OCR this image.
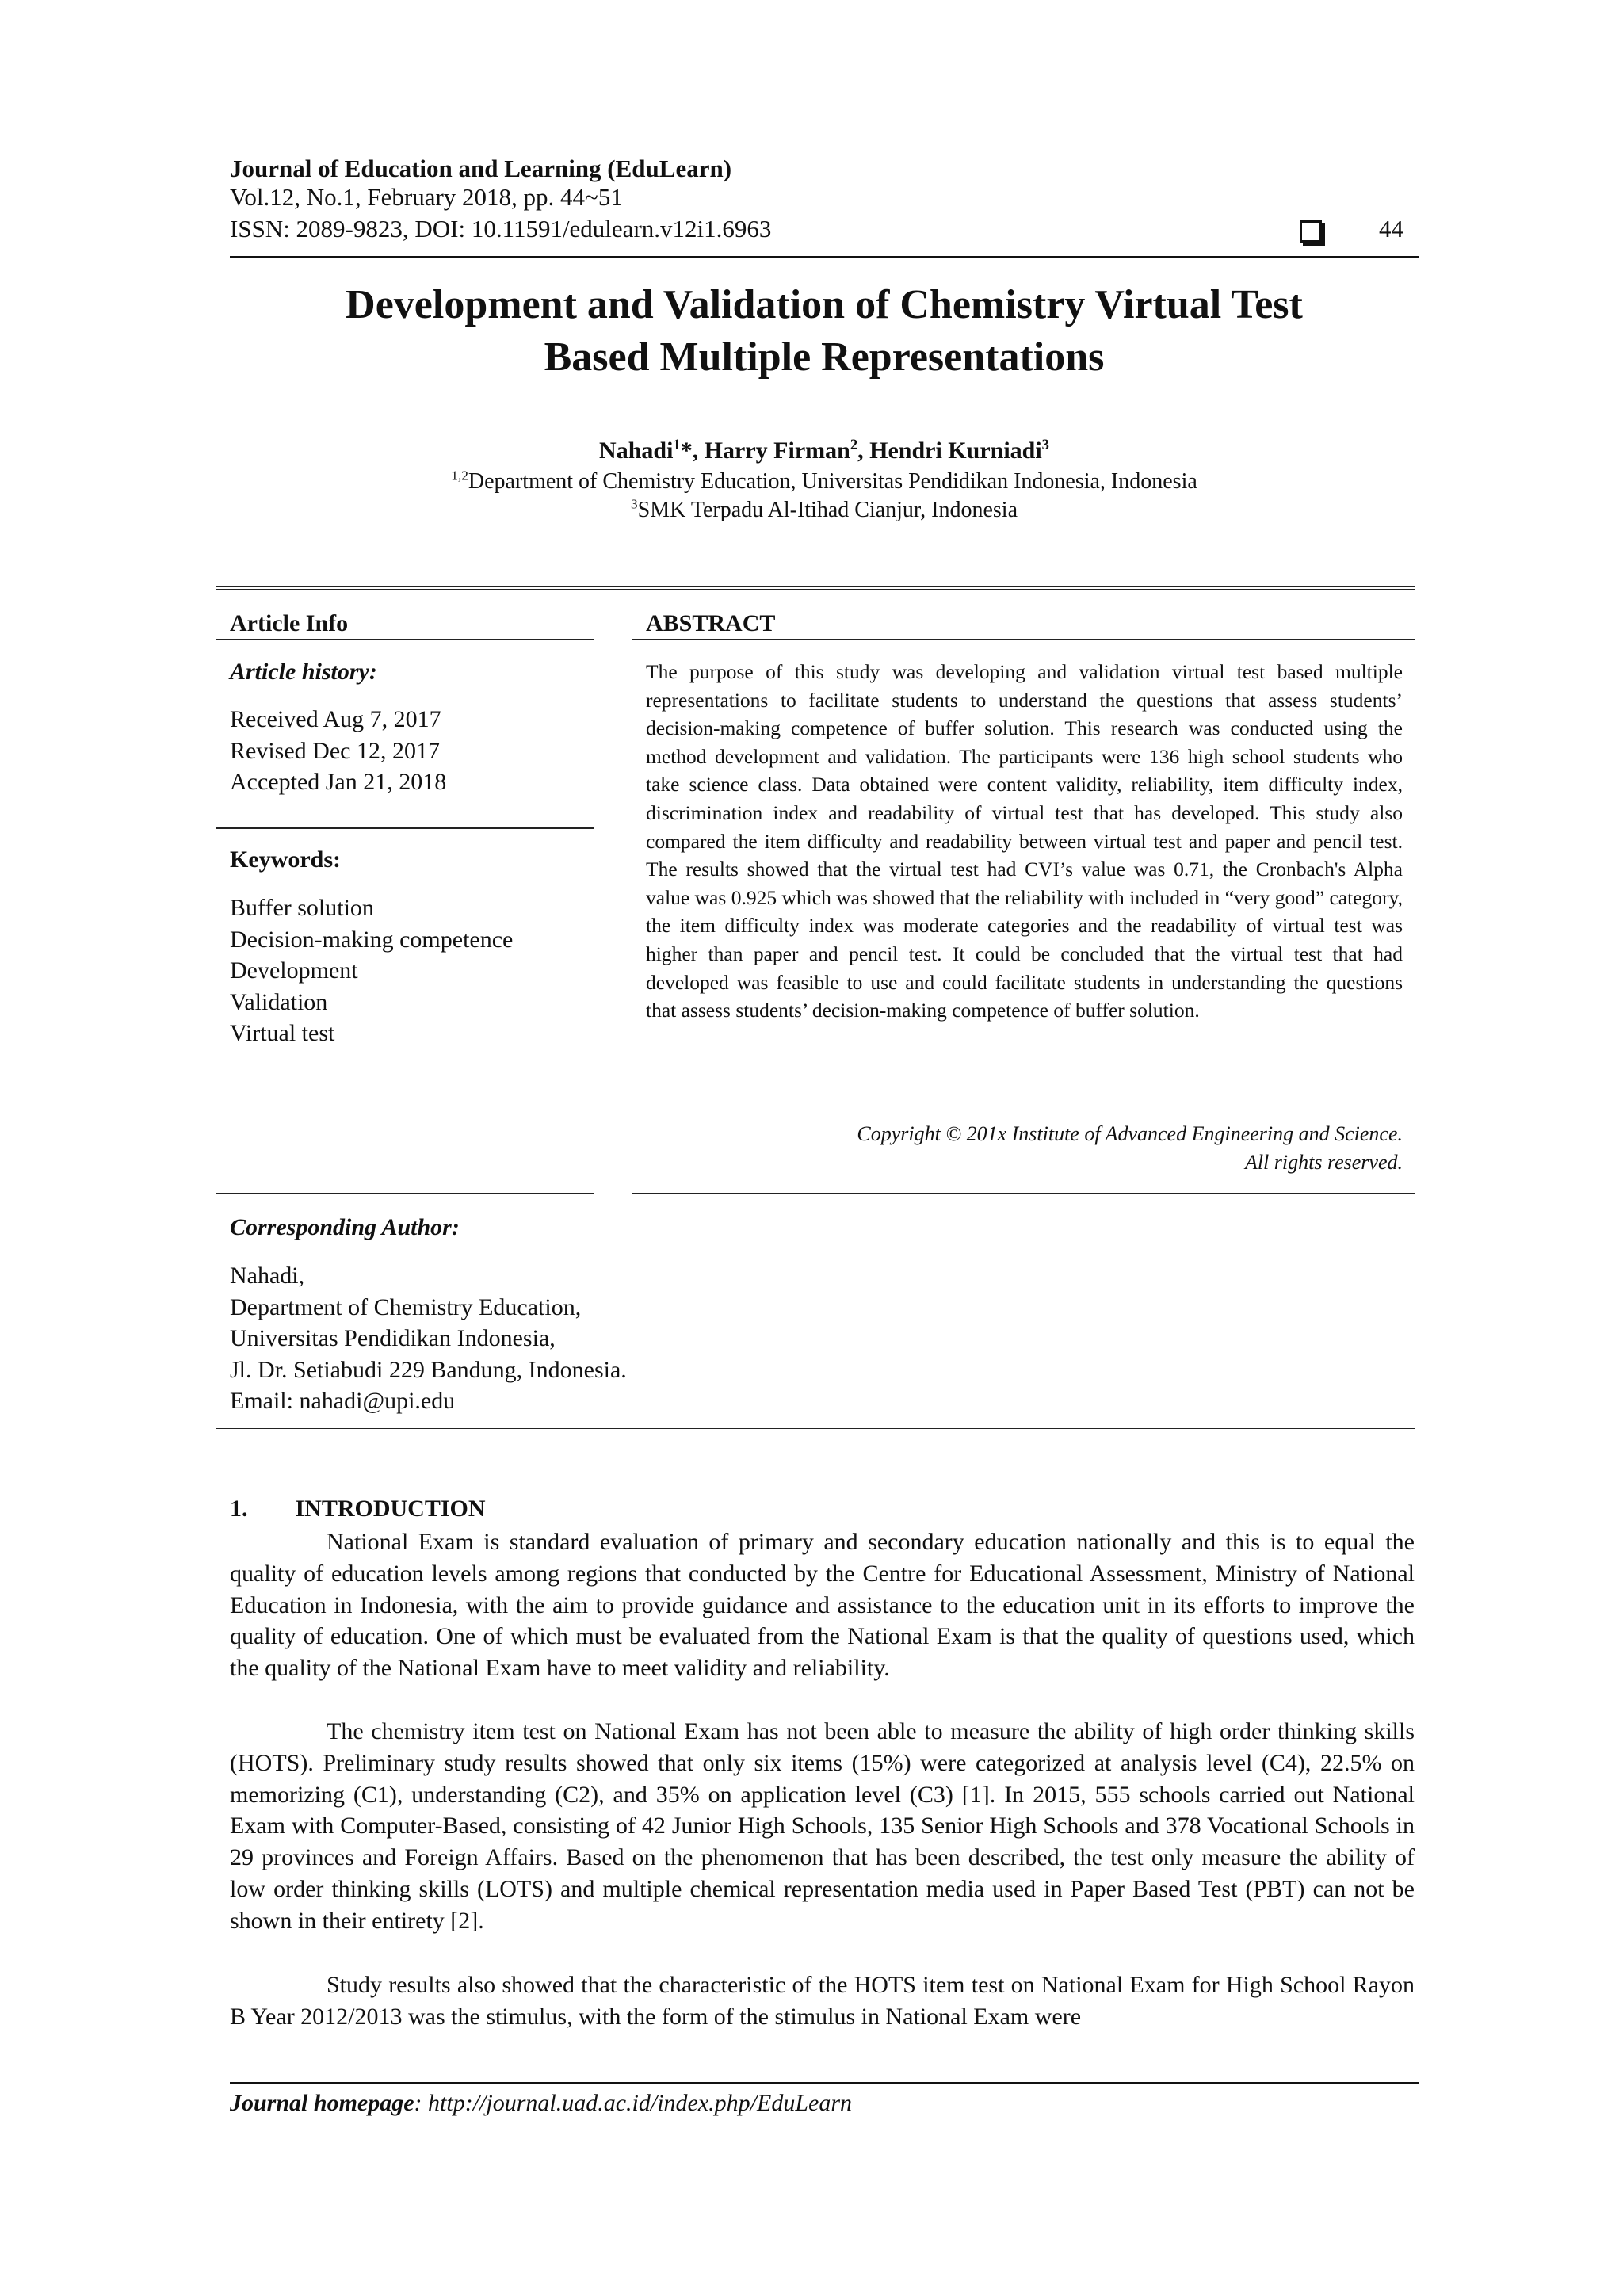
Journal of Education and Learning (EduLearn)
Vol.12, No.1, February 2018, pp. 44~51
ISSN: 2089-9823, DOI: 10.11591/edulearn.v12i1.6963	44
Development and Validation of Chemistry Virtual Test
Based Multiple Representations
Nahadi$^1$*, Harry Firman$^2$, Hendri Kurniadi$^3$
$^{1,2}$Department of Chemistry Education, Universitas Pendidikan Indonesia, Indonesia
$^3$SMK Terpadu Al-Itihad Cianjur, Indonesia
Article Info
Article history:
Received Aug 7, 2017
Revised Dec 12, 2017
Accepted Jan 21, 2018
Keywords:
Buffer solution
Decision-making competence
Development
Validation
Virtual test
ABSTRACT
The purpose of this study was developing and validation virtual test based multiple representations to facilitate students to understand the questions that assess students’ decision-making competence of buffer solution. This research was conducted using the method development and validation. The participants were 136 high school students who take science class. Data obtained were content validity, reliability, item difficulty index, discrimination index and readability of virtual test that has developed. This study also compared the item difficulty and readability between virtual test and paper and pencil test. The results showed that the virtual test had CVI’s value was 0.71, the Cronbach's Alpha value was 0.925 which was showed that the reliability with included in “very good” category, the item difficulty index was moderate categories and the readability of virtual test was higher than paper and pencil test. It could be concluded that the virtual test that had developed was feasible to use and could facilitate students in understanding the questions that assess students’ decision-making competence of buffer solution.
Copyright © 201x Institute of Advanced Engineering and Science.
All rights reserved.
Corresponding Author:
Nahadi,
Department of Chemistry Education,
Universitas Pendidikan Indonesia,
Jl. Dr. Setiabudi 229 Bandung, Indonesia.
Email: nahadi@upi.edu
1.  INTRODUCTION
National Exam is standard evaluation of primary and secondary education nationally and this is to equal the quality of education levels among regions that conducted by the Centre for Educational Assessment, Ministry of National Education in Indonesia, with the aim to provide guidance and assistance to the education unit in its efforts to improve the quality of education. One of which must be evaluated from the National Exam is that the quality of questions used, which the quality of the National Exam have to meet validity and reliability.
The chemistry item test on National Exam has not been able to measure the ability of high order thinking skills (HOTS). Preliminary study results showed that only six items (15%) were categorized at analysis level (C4), 22.5% on memorizing (C1), understanding (C2), and 35% on application level (C3) [1]. In 2015, 555 schools carried out National Exam with Computer-Based, consisting of 42 Junior High Schools, 135 Senior High Schools and 378 Vocational Schools in 29 provinces and Foreign Affairs. Based on the phenomenon that has been described, the test only measure the ability of low order thinking skills (LOTS) and multiple chemical representation media used in Paper Based Test (PBT) can not be shown in their entirety [2].
Study results also showed that the characteristic of the HOTS item test on National Exam for High School Rayon B Year 2012/2013 was the stimulus, with the form of the stimulus in National Exam were
Journal homepage: http://journal.uad.ac.id/index.php/EduLearn
